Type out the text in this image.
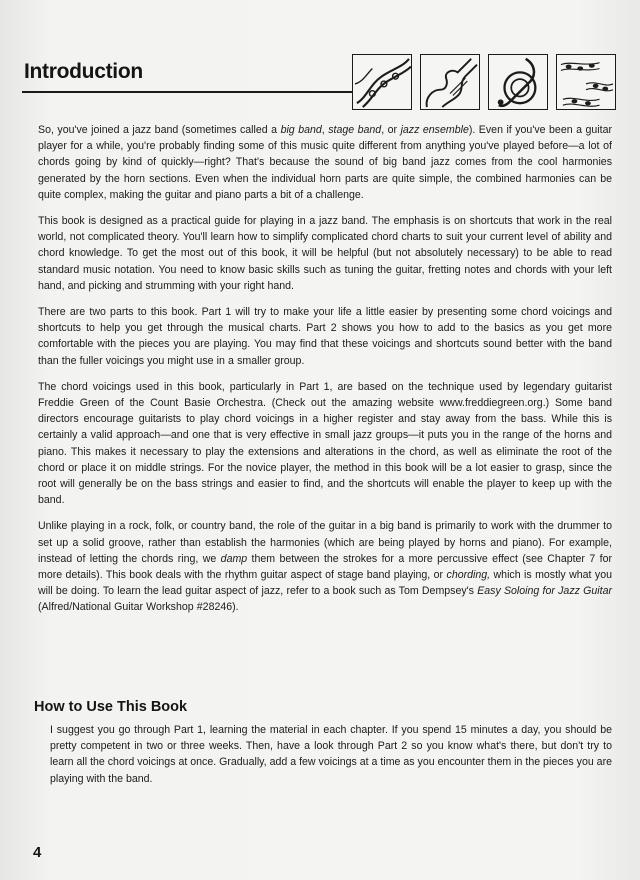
Introduction

So, you've joined a jazz band (sometimes called a big band, stage band, or jazz ensemble). Even if you've been a guitar player for a while, you're probably finding some of this music quite different from anything you've played before—a lot of chords going by kind of quickly—right? That's because the sound of big band jazz comes from the cool harmonies generated by the horn sections. Even when the individual horn parts are quite simple, the combined harmonies can be quite complex, making the guitar and piano parts a bit of a challenge.

This book is designed as a practical guide for playing in a jazz band. The emphasis is on shortcuts that work in the real world, not complicated theory. You'll learn how to simplify complicated chord charts to suit your current level of ability and chord knowledge. To get the most out of this book, it will be helpful (but not absolutely necessary) to be able to read standard music notation. You need to know basic skills such as tuning the guitar, fretting notes and chords with your left hand, and picking and strumming with your right hand.

There are two parts to this book. Part 1 will try to make your life a little easier by presenting some chord voicings and shortcuts to help you get through the musical charts. Part 2 shows you how to add to the basics as you get more comfortable with the pieces you are playing. You may find that these voicings and shortcuts sound better with the band than the fuller voicings you might use in a smaller group.

The chord voicings used in this book, particularly in Part 1, are based on the technique used by legendary guitarist Freddie Green of the Count Basie Orchestra. (Check out the amazing website www.freddiegreen.org.) Some band directors encourage guitarists to play chord voicings in a higher register and stay away from the bass. While this is certainly a valid approach—and one that is very effective in small jazz groups—it puts you in the range of the horns and piano. This makes it necessary to play the extensions and alterations in the chord, as well as eliminate the root of the chord or place it on middle strings. For the novice player, the method in this book will be a lot easier to grasp, since the root will generally be on the bass strings and easier to find, and the shortcuts will enable the player to keep up with the band.

Unlike playing in a rock, folk, or country band, the role of the guitar in a big band is primarily to work with the drummer to set up a solid groove, rather than establish the harmonies (which are being played by horns and piano). For example, instead of letting the chords ring, we damp them between the strokes for a more percussive effect (see Chapter 7 for more details). This book deals with the rhythm guitar aspect of stage band playing, or chording, which is mostly what you will be doing. To learn the lead guitar aspect of jazz, refer to a book such as Tom Dempsey's Easy Soloing for Jazz Guitar (Alfred/National Guitar Workshop #28246).

How to Use This Book

I suggest you go through Part 1, learning the material in each chapter. If you spend 15 minutes a day, you should be pretty competent in two or three weeks. Then, have a look through Part 2 so you know what's there, but don't try to learn all the chord voicings at once. Gradually, add a few voicings at a time as you encounter them in the pieces you are playing with the band.

4
